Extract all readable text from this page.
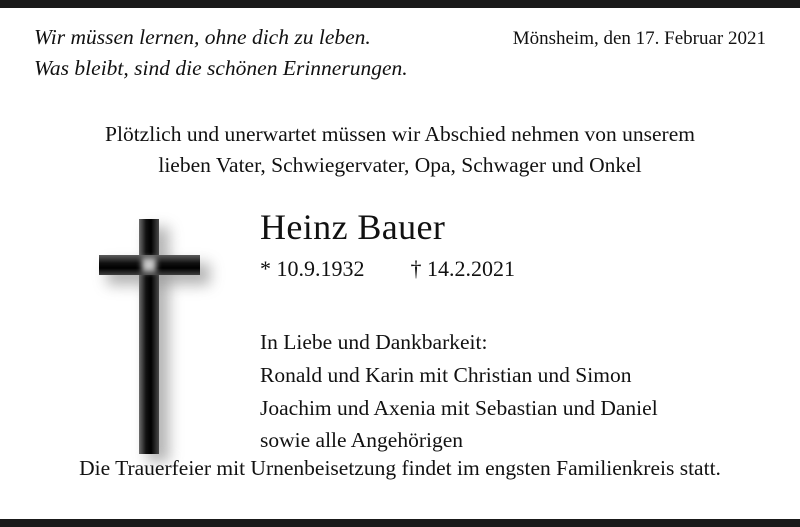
Wir müssen lernen, ohne dich zu leben.
Was bleibt, sind die schönen Erinnerungen.
Mönsheim, den 17. Februar 2021
Plötzlich und unerwartet müssen wir Abschied nehmen von unserem
lieben Vater, Schwiegervater, Opa, Schwager und Onkel
Heinz Bauer
* 10.9.1932 † 14.2.2021
In Liebe und Dankbarkeit:
Ronald und Karin mit Christian und Simon
Joachim und Axenia mit Sebastian und Daniel
sowie alle Angehörigen
Die Trauerfeier mit Urnenbeisetzung findet im engsten Familienkreis statt.
